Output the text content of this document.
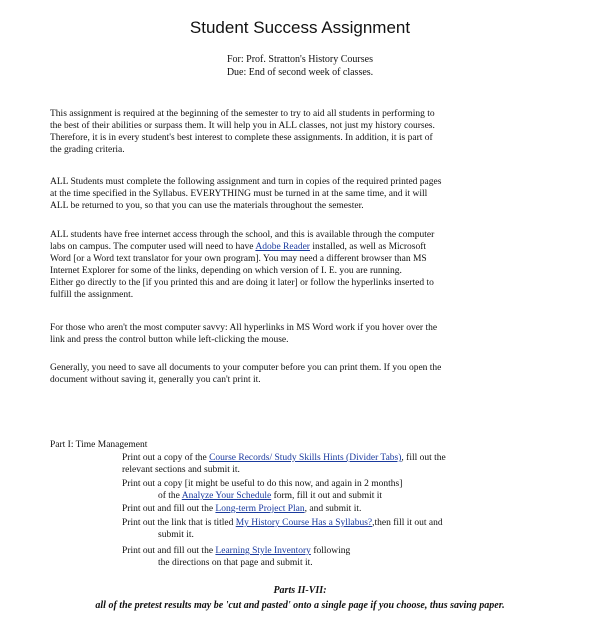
Student Success Assignment
For: Prof. Stratton's History Courses
Due: End of second week of classes.

This assignment is required at the beginning of the semester to try to aid all students in performing to
the best of their abilities or surpass them. It will help you in ALL classes, not just my history courses.
Therefore, it is in every student's best interest to complete these assignments. In addition, it is part of
the grading criteria.

ALL Students must complete the following assignment and turn in copies of the required printed pages
at the time specified in the Syllabus. EVERYTHING must be turned in at the same time, and it will
ALL be returned to you, so that you can use the materials throughout the semester.

ALL students have free internet access through the school, and this is available through the computer
labs on campus. The computer used will need to have Adobe Reader installed, as well as Microsoft
Word [or a Word text translator for your own program]. You may need a different browser than MS
Internet Explorer for some of the links, depending on which version of I. E. you are running.
Either go directly to the [if you printed this and are doing it later] or follow the hyperlinks inserted to
fulfill the assignment.

For those who aren't the most computer savvy: All hyperlinks in MS Word work if you hover over the
link and press the control button while left-clicking the mouse.

Generally, you need to save all documents to your computer before you can print them. If you open the
document without saving it, generally you can't print it.

Part I: Time Management
Print out a copy of the Course Records/ Study Skills Hints (Divider Tabs), fill out the
relevant sections and submit it.
Print out a copy [it might be useful to do this now, and again in 2 months]
of the Analyze Your Schedule form, fill it out and submit it
Print out and fill out the Long-term Project Plan, and submit it.
Print out the link that is titled My History Course Has a Syllabus?,then fill it out and
submit it.
Print out and fill out the Learning Style Inventory following
the directions on that page and submit it.
Parts II-VII:
all of the pretest results may be 'cut and pasted' onto a single page if you choose, thus saving paper.
